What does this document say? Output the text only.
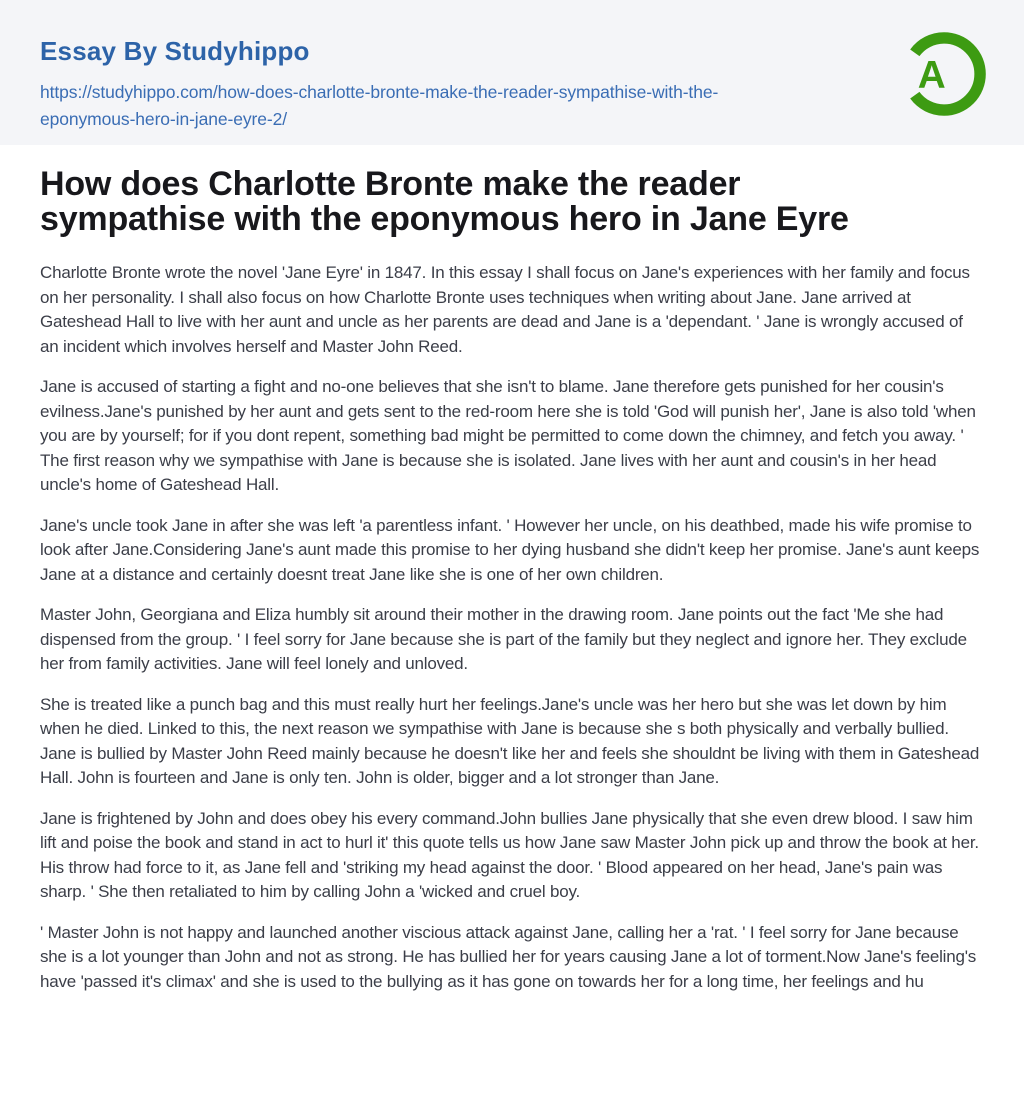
Essay By Studyhippo
https://studyhippo.com/how-does-charlotte-bronte-make-the-reader-sympathise-with-the-eponymous-hero-in-jane-eyre-2/
A
How does Charlotte Bronte make the reader sympathise with the eponymous hero in Jane Eyre

Charlotte Bronte wrote the novel 'Jane Eyre' in 1847. In this essay I shall focus on Jane's experiences with her family and focus on her personality. I shall also focus on how Charlotte Bronte uses techniques when writing about Jane. Jane arrived at Gateshead Hall to live with her aunt and uncle as her parents are dead and Jane is a 'dependant. ' Jane is wrongly accused of an incident which involves herself and Master John Reed.

Jane is accused of starting a fight and no-one believes that she isn't to blame. Jane therefore gets punished for her cousin's evilness.Jane's punished by her aunt and gets sent to the red-room here she is told 'God will punish her', Jane is also told 'when you are by yourself; for if you dont repent, something bad might be permitted to come down the chimney, and fetch you away. ' The first reason why we sympathise with Jane is because she is isolated. Jane lives with her aunt and cousin's in her head uncle's home of Gateshead Hall.

Jane's uncle took Jane in after she was left 'a parentless infant. ' However her uncle, on his deathbed, made his wife promise to look after Jane.Considering Jane's aunt made this promise to her dying husband she didn't keep her promise. Jane's aunt keeps Jane at a distance and certainly doesnt treat Jane like she is one of her own children.

Master John, Georgiana and Eliza humbly sit around their mother in the drawing room. Jane points out the fact 'Me she had dispensed from the group. ' I feel sorry for Jane because she is part of the family but they neglect and ignore her. They exclude her from family activities. Jane will feel lonely and unloved.

She is treated like a punch bag and this must really hurt her feelings.Jane's uncle was her hero but she was let down by him when he died. Linked to this, the next reason we sympathise with Jane is because she s both physically and verbally bullied. Jane is bullied by Master John Reed mainly because he doesn't like her and feels she shouldnt be living with them in Gateshead Hall. John is fourteen and Jane is only ten. John is older, bigger and a lot stronger than Jane.

Jane is frightened by John and does obey his every command.John bullies Jane physically that she even drew blood. I saw him lift and poise the book and stand in act to hurl it' this quote tells us how Jane saw Master John pick up and throw the book at her. His throw had force to it, as Jane fell and 'striking my head against the door. ' Blood appeared on her head, Jane's pain was sharp. ' She then retaliated to him by calling John a 'wicked and cruel boy.

' Master John is not happy and launched another viscious attack against Jane, calling her a 'rat. ' I feel sorry for Jane because she is a lot younger than John and not as strong. He has bullied her for years causing Jane a lot of torment.Now Jane's feeling's have 'passed it's climax' and she is used to the bullying as it has gone on towards her for a long time, her feelings and hu
